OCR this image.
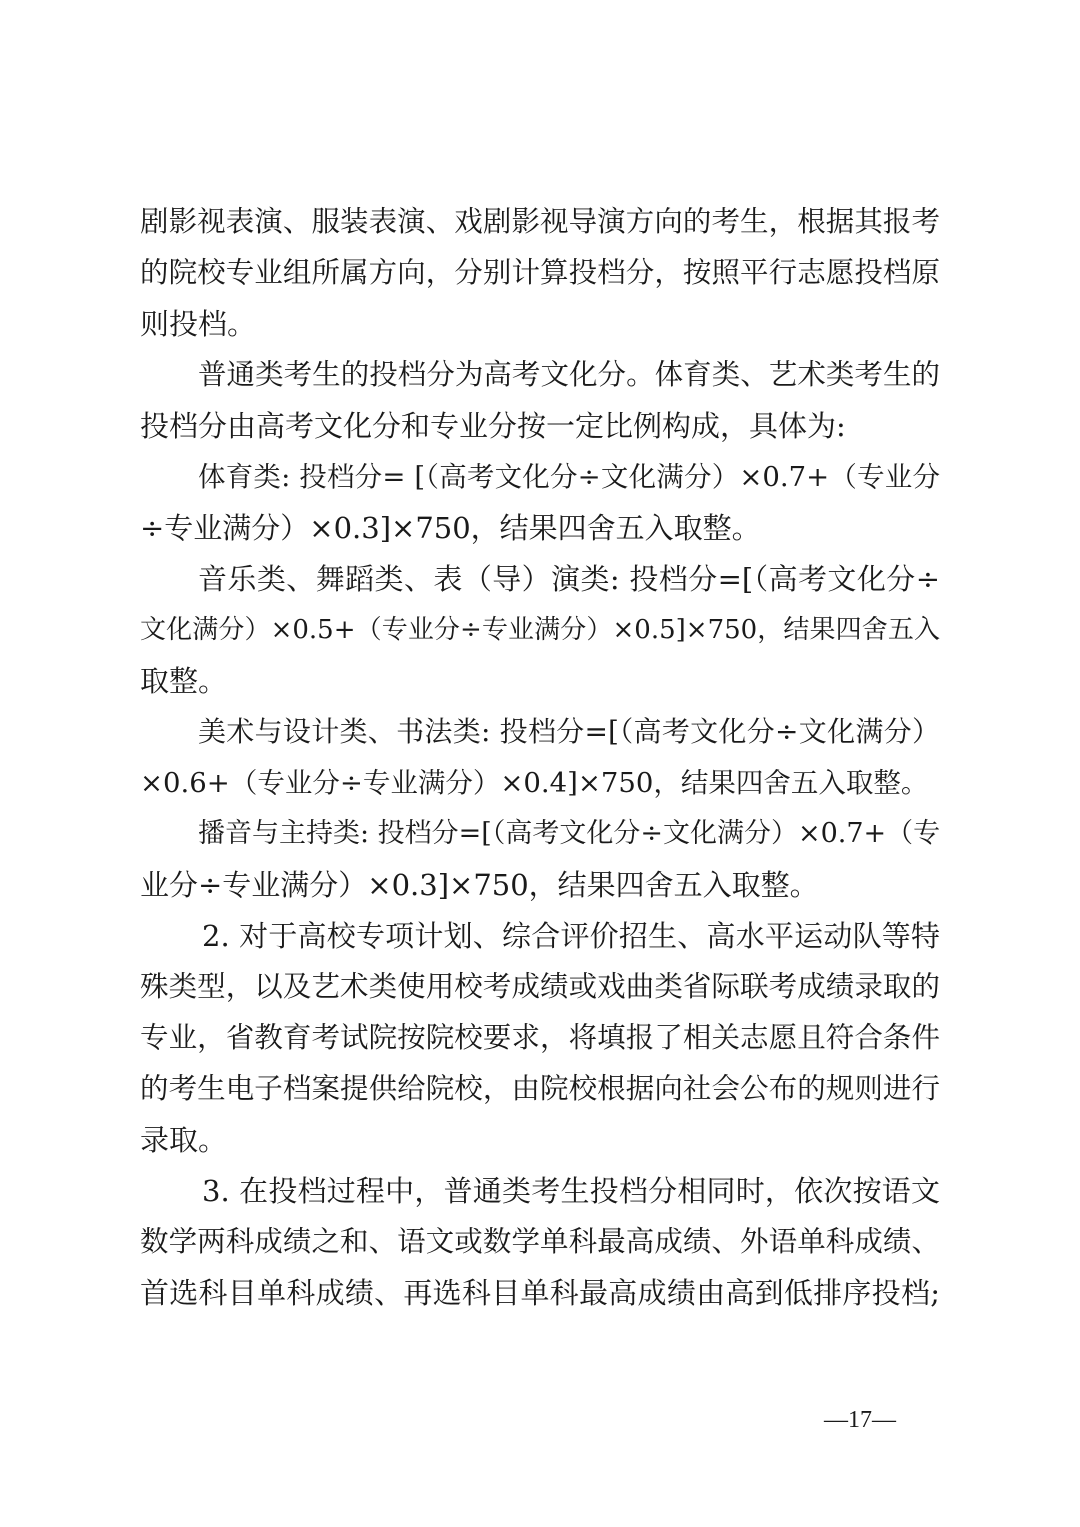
剧影视表演、服装表演、戏剧影视导演方向的考生，根据其报考
的院校专业组所属方向，分别计算投档分，按照平行志愿投档原
则投档。
普通类考生的投档分为高考文化分。体育类、艺术类考生的
投档分由高考文化分和专业分按一定比例构成，具体为:
体育类: 投档分= [（高考文化分÷文化满分）×0.7+（专业分
÷专业满分）×0.3]×750，结果四舍五入取整。
音乐类、舞蹈类、表（导）演类: 投档分=[（高考文化分÷
文化满分）×0.5+（专业分÷专业满分）×0.5]×750，结果四舍五入
取整。
美术与设计类、书法类: 投档分=[（高考文化分÷文化满分）
×0.6+（专业分÷专业满分）×0.4]×750，结果四舍五入取整。
播音与主持类: 投档分=[（高考文化分÷文化满分）×0.7+（专
业分÷专业满分）×0.3]×750，结果四舍五入取整。
2. 对于高校专项计划、综合评价招生、高水平运动队等特
殊类型，以及艺术类使用校考成绩或戏曲类省际联考成绩录取的
专业，省教育考试院按院校要求，将填报了相关志愿且符合条件
的考生电子档案提供给院校，由院校根据向社会公布的规则进行
录取。
3. 在投档过程中，普通类考生投档分相同时，依次按语文
数学两科成绩之和、语文或数学单科最高成绩、外语单科成绩、
首选科目单科成绩、再选科目单科最高成绩由高到低排序投档;
—17—
